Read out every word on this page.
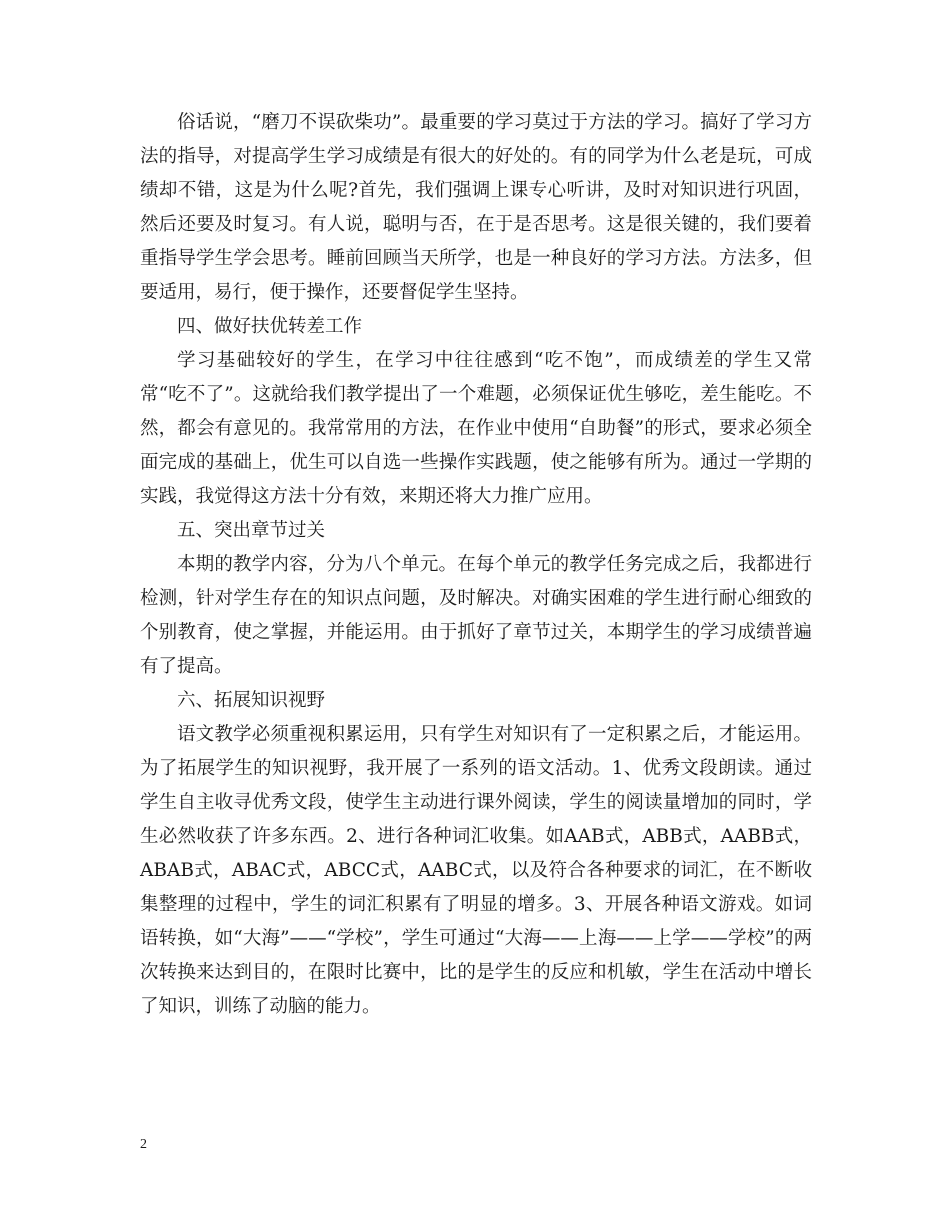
俗话说，“磨刀不误砍柴功”。最重要的学习莫过于方法的学习。搞好了学习方法的指导，对提高学生学习成绩是有很大的好处的。有的同学为什么老是玩，可成绩却不错，这是为什么呢?首先，我们强调上课专心听讲，及时对知识进行巩固，然后还要及时复习。有人说，聪明与否，在于是否思考。这是很关键的，我们要着重指导学生学会思考。睡前回顾当天所学，也是一种良好的学习方法。方法多，但要适用，易行，便于操作，还要督促学生坚持。

四、做好扶优转差工作

学习基础较好的学生，在学习中往往感到“吃不饱”，而成绩差的学生又常常“吃不了”。这就给我们教学提出了一个难题，必须保证优生够吃，差生能吃。不然，都会有意见的。我常常用的方法，在作业中使用“自助餐”的形式，要求必须全面完成的基础上，优生可以自选一些操作实践题，使之能够有所为。通过一学期的实践，我觉得这方法十分有效，来期还将大力推广应用。

五、突出章节过关

本期的教学内容，分为八个单元。在每个单元的教学任务完成之后，我都进行检测，针对学生存在的知识点问题，及时解决。对确实困难的学生进行耐心细致的个别教育，使之掌握，并能运用。由于抓好了章节过关，本期学生的学习成绩普遍有了提高。

六、拓展知识视野

语文教学必须重视积累运用，只有学生对知识有了一定积累之后，才能运用。为了拓展学生的知识视野，我开展了一系列的语文活动。1、优秀文段朗读。通过学生自主收寻优秀文段，使学生主动进行课外阅读，学生的阅读量增加的同时，学生必然收获了许多东西。2、进行各种词汇收集。如AAB式，ABB式，AABB式，ABAB式，ABAC式，ABCC式，AABC式，以及符合各种要求的词汇，在不断收集整理的过程中，学生的词汇积累有了明显的增多。3、开展各种语文游戏。如词语转换，如“大海”——“学校”，学生可通过“大海——上海——上学——学校”的两次转换来达到目的，在限时比赛中，比的是学生的反应和机敏，学生在活动中增长了知识，训练了动脑的能力。

2
